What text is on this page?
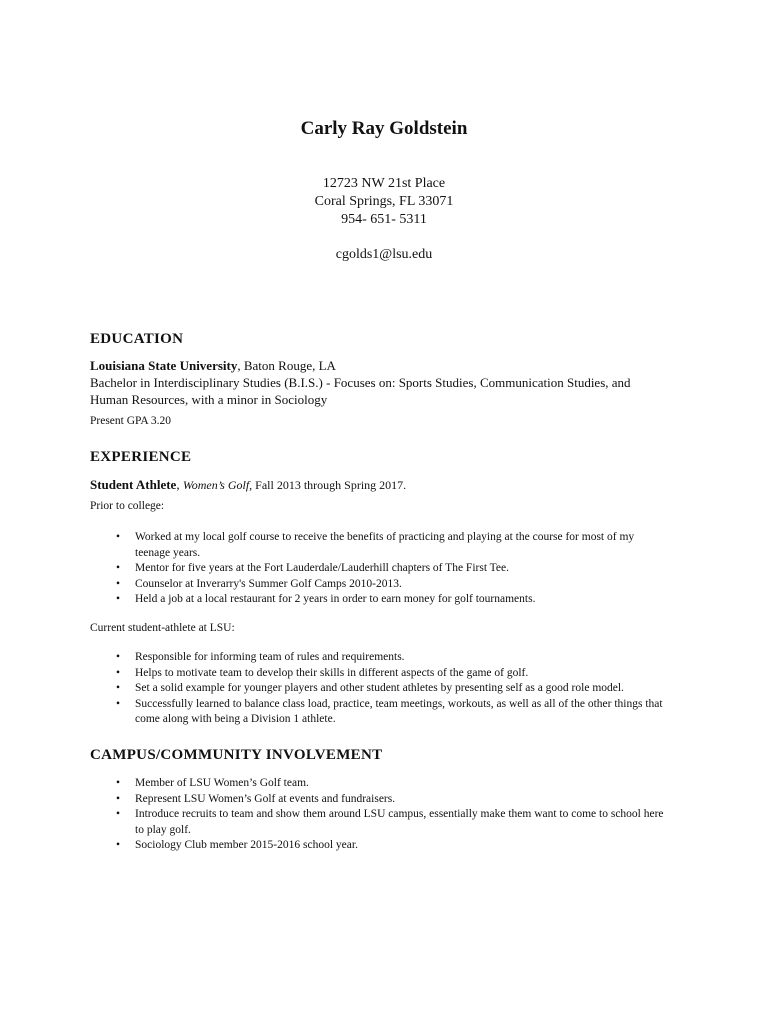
Carly Ray Goldstein
12723 NW 21st Place
Coral Springs, FL 33071
954- 651- 5311
cgolds1@lsu.edu
EDUCATION
Louisiana State University, Baton Rouge, LA
Bachelor in Interdisciplinary Studies (B.I.S.) - Focuses on: Sports Studies, Communication Studies, and
Human Resources, with a minor in Sociology
Present GPA 3.20
EXPERIENCE
Student Athlete, Women’s Golf, Fall 2013 through Spring 2017.
Prior to college:
• Worked at my local golf course to receive the benefits of practicing and playing at the course for most of my teenage years.
• Mentor for five years at the Fort Lauderdale/Lauderhill chapters of The First Tee.
• Counselor at Inverarry's Summer Golf Camps 2010-2013.
• Held a job at a local restaurant for 2 years in order to earn money for golf tournaments.
Current student-athlete at LSU:
• Responsible for informing team of rules and requirements.
• Helps to motivate team to develop their skills in different aspects of the game of golf.
• Set a solid example for younger players and other student athletes by presenting self as a good role model.
• Successfully learned to balance class load, practice, team meetings, workouts, as well as all of the other things that come along with being a Division 1 athlete.
CAMPUS/COMMUNITY INVOLVEMENT
• Member of LSU Women’s Golf team.
• Represent LSU Women’s Golf at events and fundraisers.
• Introduce recruits to team and show them around LSU campus, essentially make them want to come to school here to play golf.
• Sociology Club member 2015-2016 school year.
